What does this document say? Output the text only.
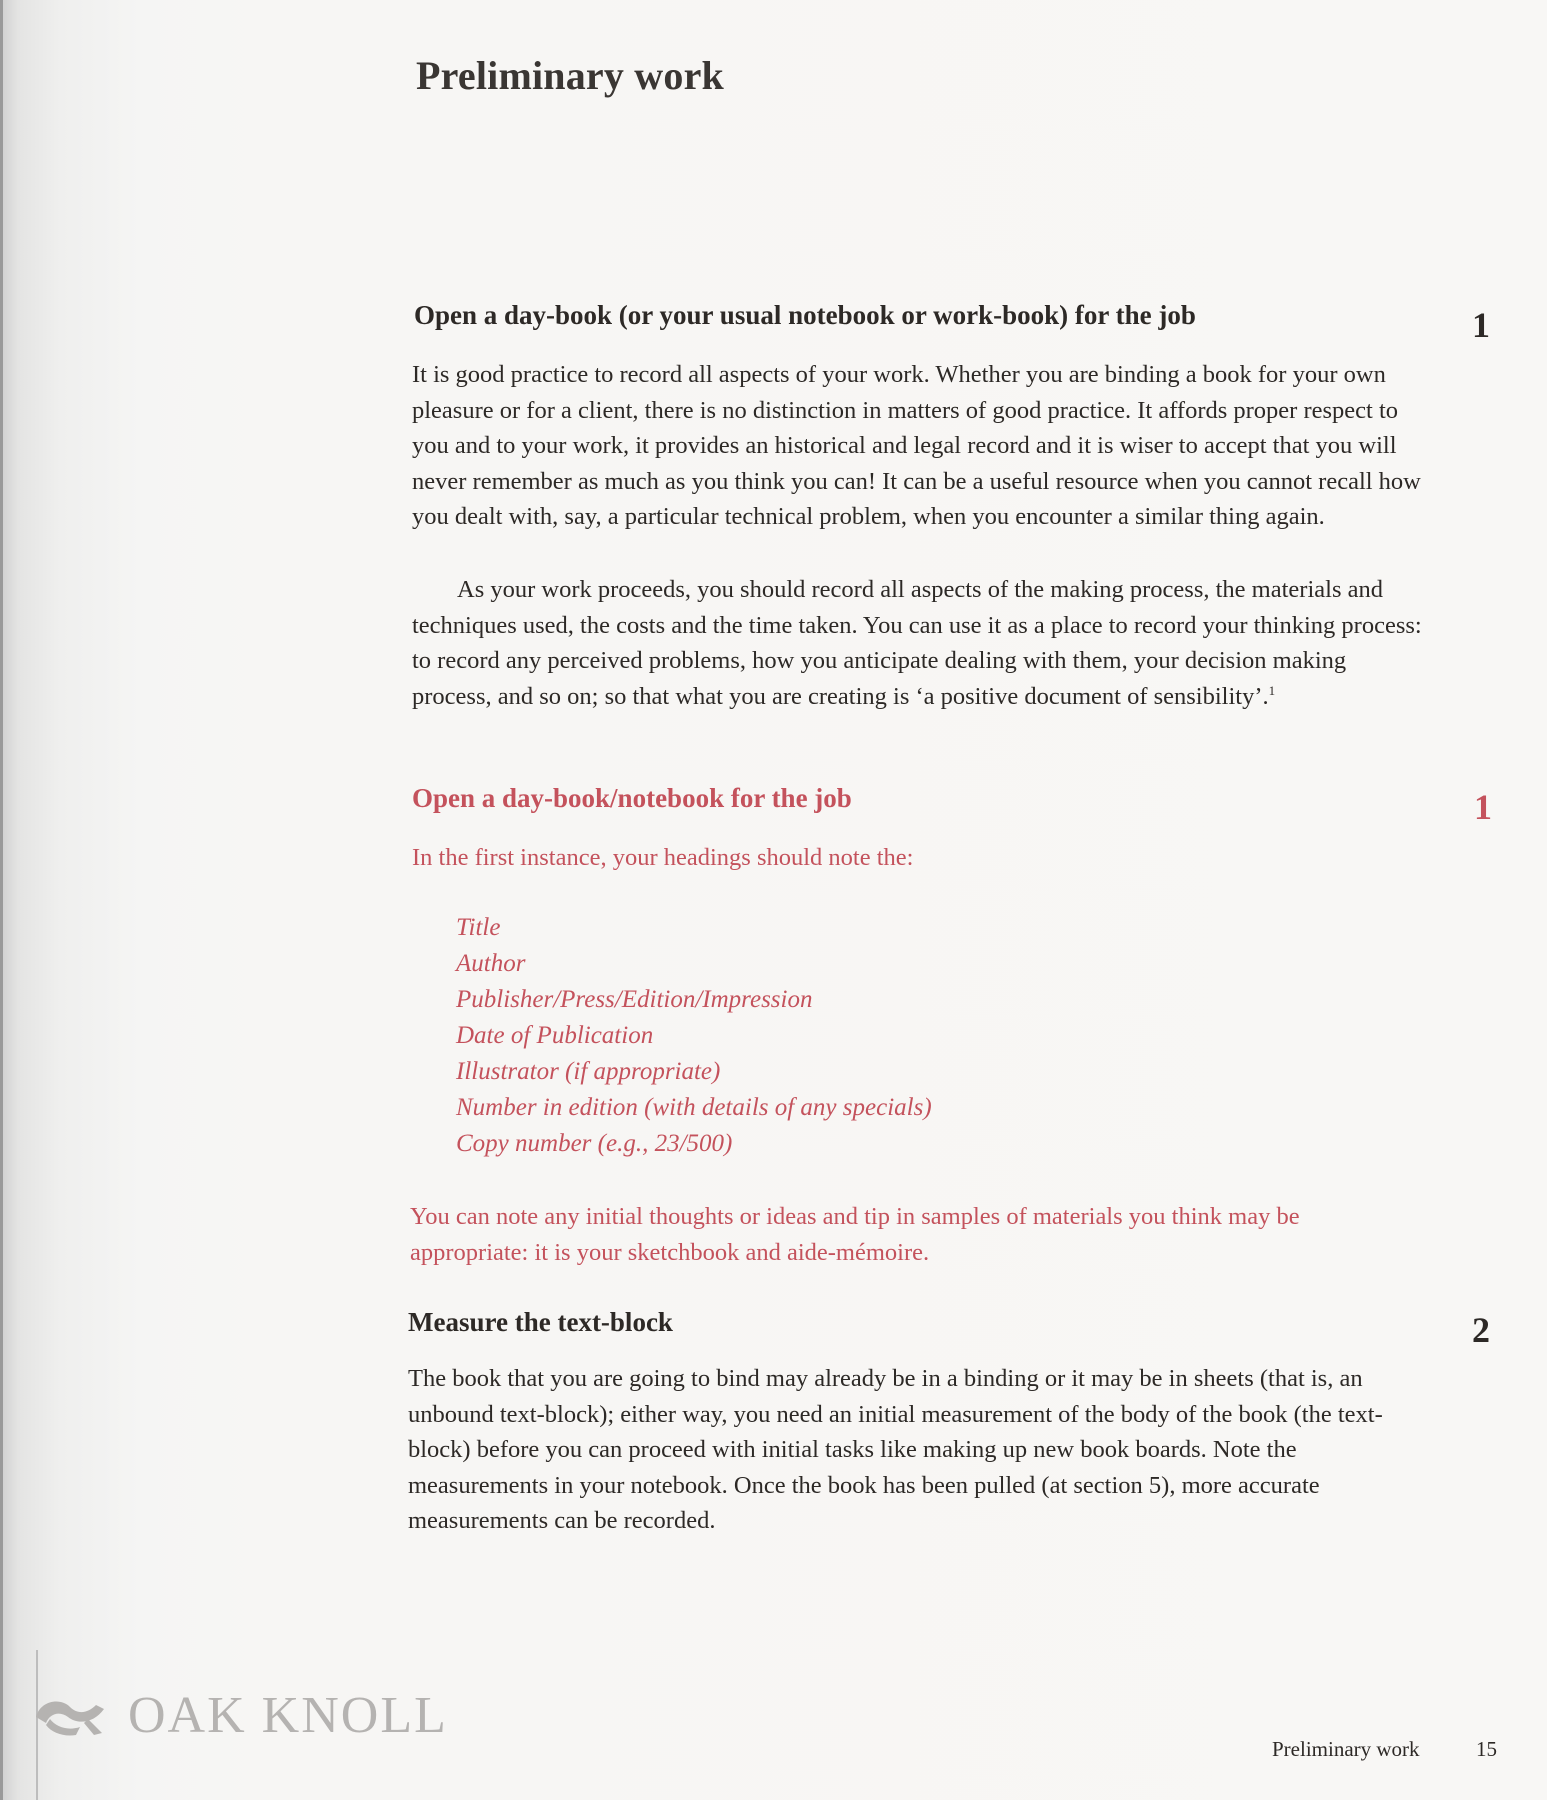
Preliminary work
Open a day-book (or your usual notebook or work-book) for the job	1
It is good practice to record all aspects of your work. Whether you are binding a book for your own pleasure or for a client, there is no distinction in matters of good practice. It affords proper respect to you and to your work, it provides an historical and legal record and it is wiser to accept that you will never remember as much as you think you can! It can be a useful resource when you cannot recall how you dealt with, say, a particular technical problem, when you encounter a similar thing again.
As your work proceeds, you should record all aspects of the making process, the materials and techniques used, the costs and the time taken. You can use it as a place to record your thinking process: to record any perceived problems, how you anticipate dealing with them, your decision making process, and so on; so that what you are creating is ‘a positive document of sensibility’.$^1$
Open a day-book/notebook for the job	1
In the first instance, your headings should note the:
Title
Author
Publisher/Press/Edition/Impression
Date of Publication
Illustrator (if appropriate)
Number in edition (with details of any specials)
Copy number (e.g., 23/500)
You can note any initial thoughts or ideas and tip in samples of materials you think may be appropriate: it is your sketchbook and aide-mémoire.
Measure the text-block	2
The book that you are going to bind may already be in a binding or it may be in sheets (that is, an unbound text-block); either way, you need an initial measurement of the body of the book (the text-block) before you can proceed with initial tasks like making up new book boards. Note the measurements in your notebook. Once the book has been pulled (at section 5), more accurate measurements can be recorded.
OAK KNOLL
Preliminary work	15
